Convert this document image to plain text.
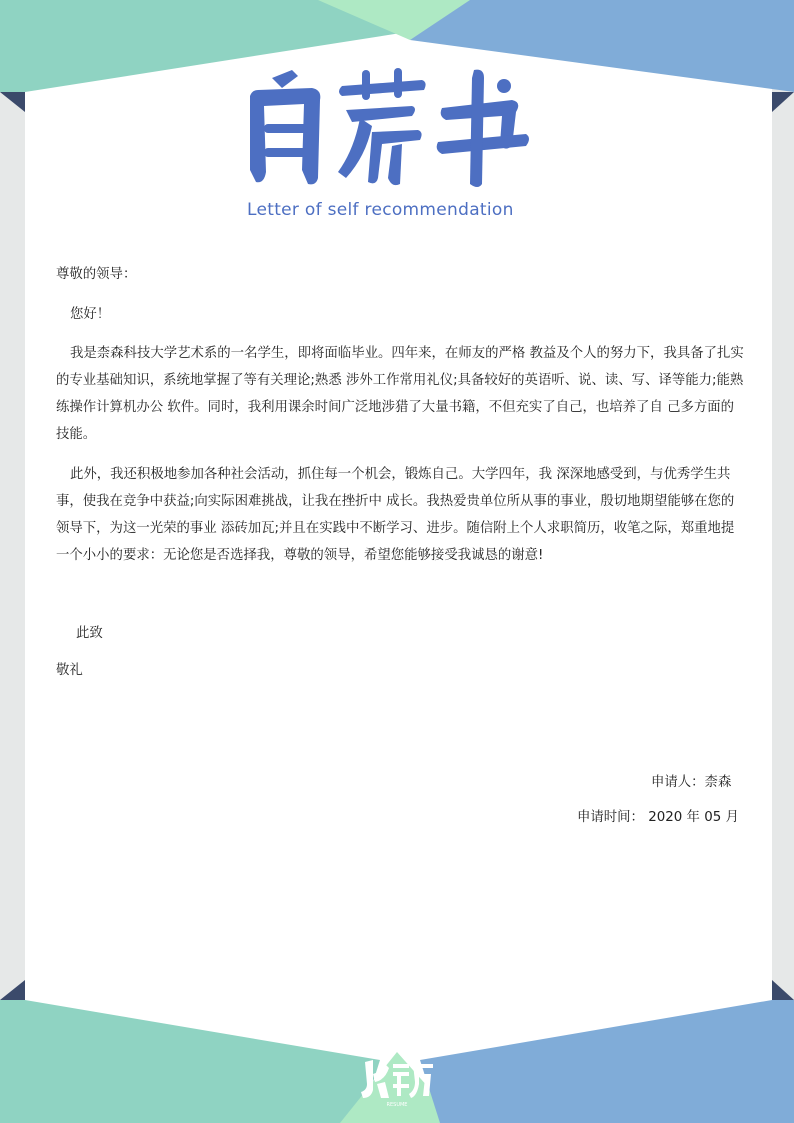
Letter of self recommendation
尊敬的领导：
您好！
我是柰森科技大学艺术系的一名学生，即将面临毕业。四年来，在师友的严格 教益及个人的努力下，我具备了扎实的专业基础知识，系统地掌握了等有关理论;熟悉 涉外工作常用礼仪;具备较好的英语听、说、读、写、译等能力;能熟练操作计算机办公 软件。同时，我利用课余时间广泛地涉猎了大量书籍，不但充实了自己，也培养了自 己多方面的技能。
此外，我还积极地参加各种社会活动，抓住每一个机会，锻炼自己。大学四年，我 深深地感受到，与优秀学生共事，使我在竞争中获益;向实际困难挑战，让我在挫折中 成长。我热爱贵单位所从事的事业，殷切地期望能够在您的领导下，为这一光荣的事业 添砖加瓦;并且在实践中不断学习、进步。随信附上个人求职简历，收笔之际，郑重地提 一个小小的要求：无论您是否选择我，尊敬的领导，希望您能够接受我诚恳的谢意!
此致
敬礼
申请人：柰森
申请时间： 2020 年 05 月
RESUME
